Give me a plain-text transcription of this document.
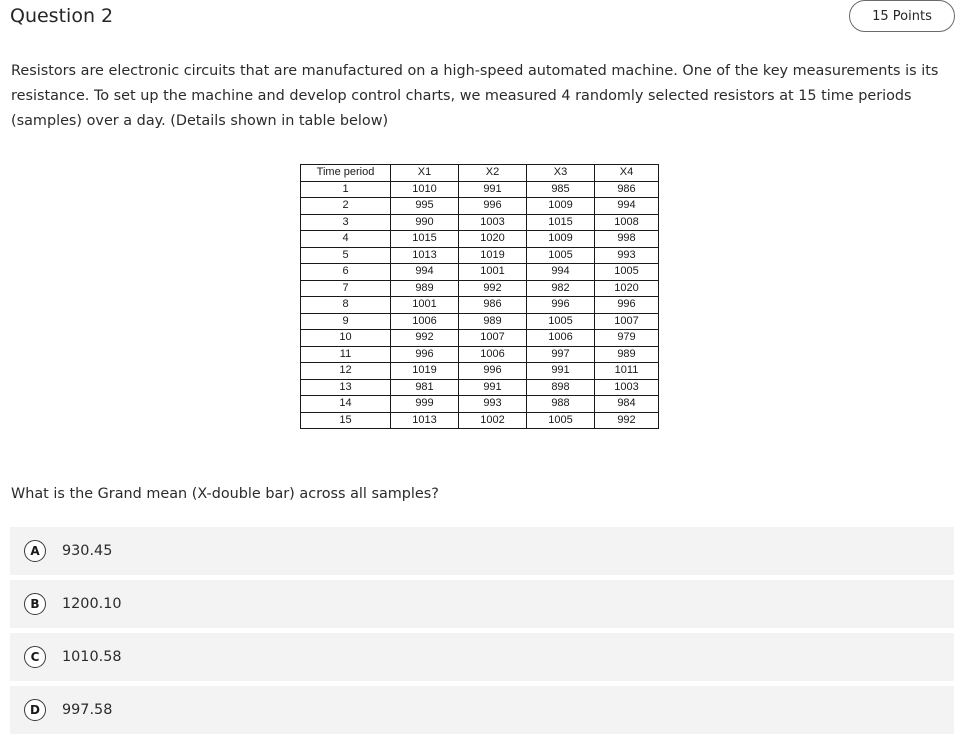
Question 2	15 Points

Resistors are electronic circuits that are manufactured on a high-speed automated machine. One of the key measurements is its resistance. To set up the machine and develop control charts, we measured 4 randomly selected resistors at 15 time periods (samples) over a day. (Details shown in table below)

Time period	X1	X2	X3	X4
1	1010	991	985	986
2	995	996	1009	994
3	990	1003	1015	1008
4	1015	1020	1009	998
5	1013	1019	1005	993
6	994	1001	994	1005
7	989	992	982	1020
8	1001	986	996	996
9	1006	989	1005	1007
10	992	1007	1006	979
11	996	1006	997	989
12	1019	996	991	1011
13	981	991	898	1003
14	999	993	988	984
15	1013	1002	1005	992

What is the Grand mean (X-double bar) across all samples?

A	930.45
B	1200.10
C	1010.58
D	997.58
